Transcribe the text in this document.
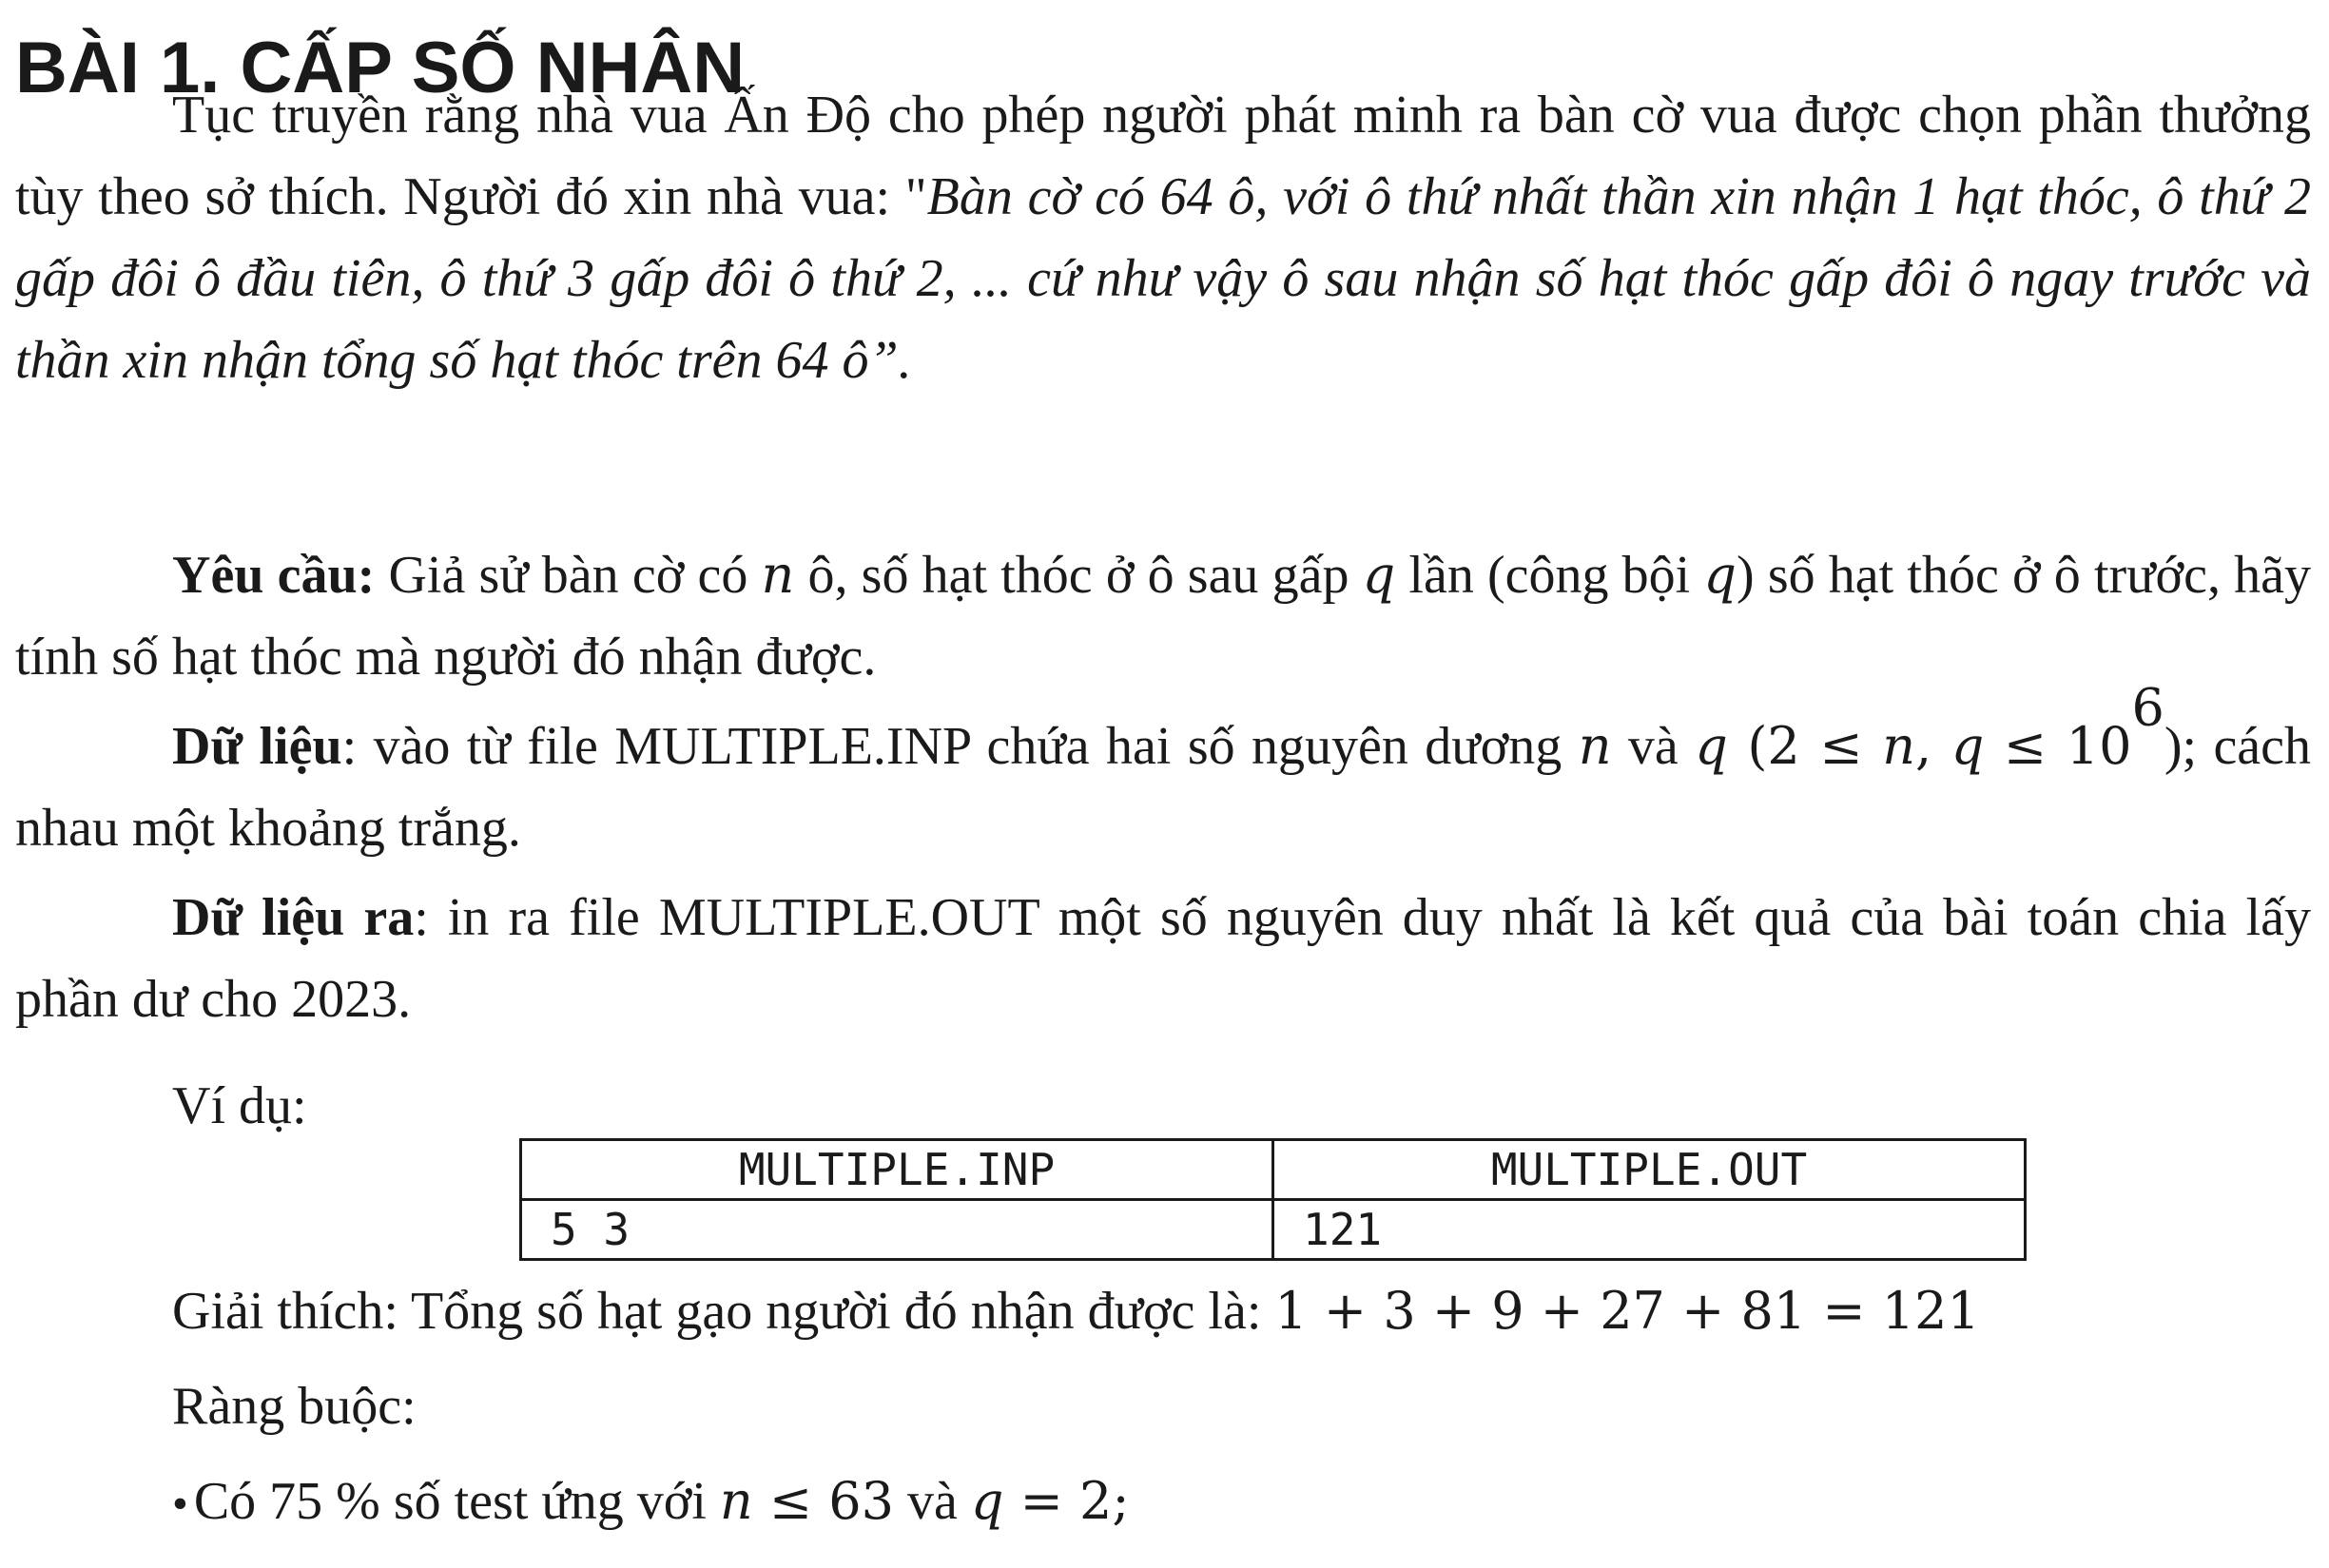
BÀI 1. CẤP SỐ NHÂN

Tục truyền rằng nhà vua Ấn Độ cho phép người phát minh ra bàn cờ vua được chọn phần thưởng tùy theo sở thích. Người đó xin nhà vua: "Bàn cờ có 64 ô, với ô thứ nhất thần xin nhận 1 hạt thóc, ô thứ 2 gấp đôi ô đầu tiên, ô thứ 3 gấp đôi ô thứ 2, ... cứ như vậy ô sau nhận số hạt thóc gấp đôi ô ngay trước và thần xin nhận tổng số hạt thóc trên 64 ô”.

Yêu cầu: Giả sử bàn cờ có n ô, số hạt thóc ở ô sau gấp q lần (công bội q) số hạt thóc ở ô trước, hãy tính số hạt thóc mà người đó nhận được.

Dữ liệu: vào từ file MULTIPLE.INP chứa hai số nguyên dương n và q (2 ≤ n, $q \le 10^6$); cách nhau một khoảng trắng.

Dữ liệu ra: in ra file MULTIPLE.OUT một số nguyên duy nhất là kết quả của bài toán chia lấy phần dư cho 2023.

Ví dụ:

MULTIPLE.INP	MULTIPLE.OUT
5 3	121

Giải thích: Tổng số hạt gạo người đó nhận được là: 1 + 3 + 9 + 27 + 81 = 121

Ràng buộc:

• Có 75 % số test ứng với n ≤ 63 và q = 2;
